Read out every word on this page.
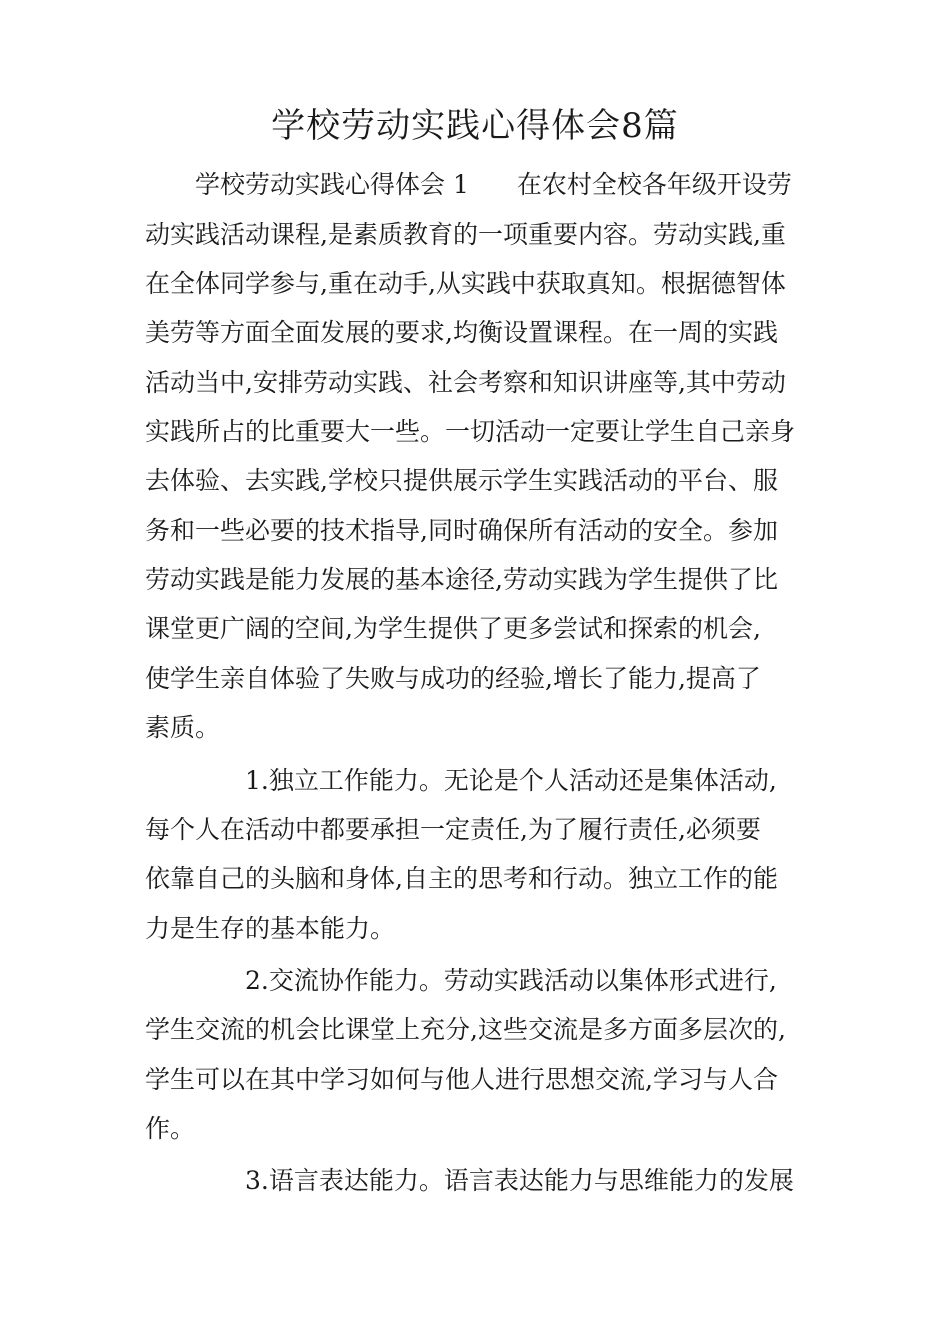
学校劳动实践心得体会8篇

学校劳动实践心得体会 1 在农村全校各年级开设劳

动实践活动课程,是素质教育的一项重要内容。劳动实践,重

在全体同学参与,重在动手,从实践中获取真知。根据德智体

美劳等方面全面发展的要求,均衡设置课程。在一周的实践

活动当中,安排劳动实践、社会考察和知识讲座等,其中劳动

实践所占的比重要大一些。一切活动一定要让学生自己亲身

去体验、去实践,学校只提供展示学生实践活动的平台、服

务和一些必要的技术指导,同时确保所有活动的安全。参加

劳动实践是能力发展的基本途径,劳动实践为学生提供了比

课堂更广阔的空间,为学生提供了更多尝试和探索的机会,

使学生亲自体验了失败与成功的经验,增长了能力,提高了

素质。

1.独立工作能力。无论是个人活动还是集体活动,

每个人在活动中都要承担一定责任,为了履行责任,必须要

依靠自己的头脑和身体,自主的思考和行动。独立工作的能

力是生存的基本能力。

2.交流协作能力。劳动实践活动以集体形式进行,

学生交流的机会比课堂上充分,这些交流是多方面多层次的,

学生可以在其中学习如何与他人进行思想交流,学习与人合

作。

3.语言表达能力。语言表达能力与思维能力的发展
